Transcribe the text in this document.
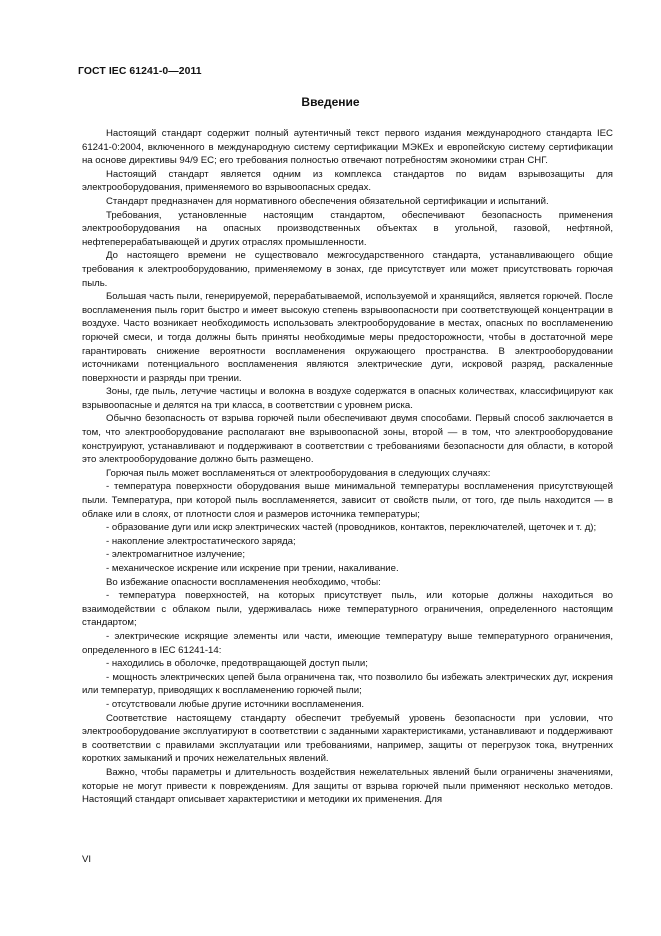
ГОСТ IEC 61241-0—2011
Введение

Настоящий стандарт содержит полный аутентичный текст первого издания международного стандарта IEC 61241-0:2004, включенного в международную систему сертификации МЭКЕх и европейскую систему сертификации на основе директивы 94/9 ЕС; его требования полностью отвечают потребностям экономики стран СНГ.

Настоящий стандарт является одним из комплекса стандартов по видам взрывозащиты для электрооборудования, применяемого во взрывоопасных средах.

Стандарт предназначен для нормативного обеспечения обязательной сертификации и испытаний.

Требования, установленные настоящим стандартом, обеспечивают безопасность применения электрооборудования на опасных производственных объектах в угольной, газовой, нефтяной, нефтеперерабатывающей и других отраслях промышленности.

До настоящего времени не существовало межгосударственного стандарта, устанавливающего общие требования к электрооборудованию, применяемому в зонах, где присутствует или может присутствовать горючая пыль.

Большая часть пыли, генерируемой, перерабатываемой, используемой и хранящийся, является горючей. После воспламенения пыль горит быстро и имеет высокую степень взрывоопасности при соответствующей концентрации в воздухе. Часто возникает необходимость использовать электрооборудование в местах, опасных по воспламенению горючей смеси, и тогда должны быть приняты необходимые меры предосторожности, чтобы в достаточной мере гарантировать снижение вероятности воспламенения окружающего пространства. В электрооборудовании источниками потенциального воспламенения являются электрические дуги, искровой разряд, раскаленные поверхности и разряды при трении.

Зоны, где пыль, летучие частицы и волокна в воздухе содержатся в опасных количествах, классифицируют как взрывоопасные и делятся на три класса, в соответствии с уровнем риска.

Обычно безопасность от взрыва горючей пыли обеспечивают двумя способами. Первый способ заключается в том, что электрооборудование располагают вне взрывоопасной зоны, второй — в том, что электрооборудование конструируют, устанавливают и поддерживают в соответствии с требованиями безопасности для области, в которой это электрооборудование должно быть размещено.

Горючая пыль может воспламеняться от электрооборудования в следующих случаях:

- температура поверхности оборудования выше минимальной температуры воспламенения присутствующей пыли. Температура, при которой пыль воспламеняется, зависит от свойств пыли, от того, где пыль находится — в облаке или в слоях, от плотности слоя и размеров источника температуры;

- образование дуги или искр электрических частей (проводников, контактов, переключателей, щеточек и т. д);

- накопление электростатического заряда;

- электромагнитное излучение;

- механическое искрение или искрение при трении, накаливание.

Во избежание опасности воспламенения необходимо, чтобы:

- температура поверхностей, на которых присутствует пыль, или которые должны находиться во взаимодействии с облаком пыли, удерживалась ниже температурного ограничения, определенного настоящим стандартом;

- электрические искрящие элементы или части, имеющие температуру выше температурного ограничения, определенного в IEC 61241-14:

- находились в оболочке, предотвращающей доступ пыли;

- мощность электрических цепей была ограничена так, что позволило бы избежать электрических дуг, искрения или температур, приводящих к воспламенению горючей пыли;

- отсутствовали любые другие источники воспламенения.

Соответствие настоящему стандарту обеспечит требуемый уровень безопасности при условии, что электрооборудование эксплуатируют в соответствии с заданными характеристиками, устанавливают и поддерживают в соответствии с правилами эксплуатации или требованиями, например, защиты от перегрузок тока, внутренних коротких замыканий и прочих нежелательных явлений.

Важно, чтобы параметры и длительность воздействия нежелательных явлений были ограничены значениями, которые не могут привести к повреждениям. Для защиты от взрыва горючей пыли применяют несколько методов. Настоящий стандарт описывает характеристики и методики их применения. Для

VI
